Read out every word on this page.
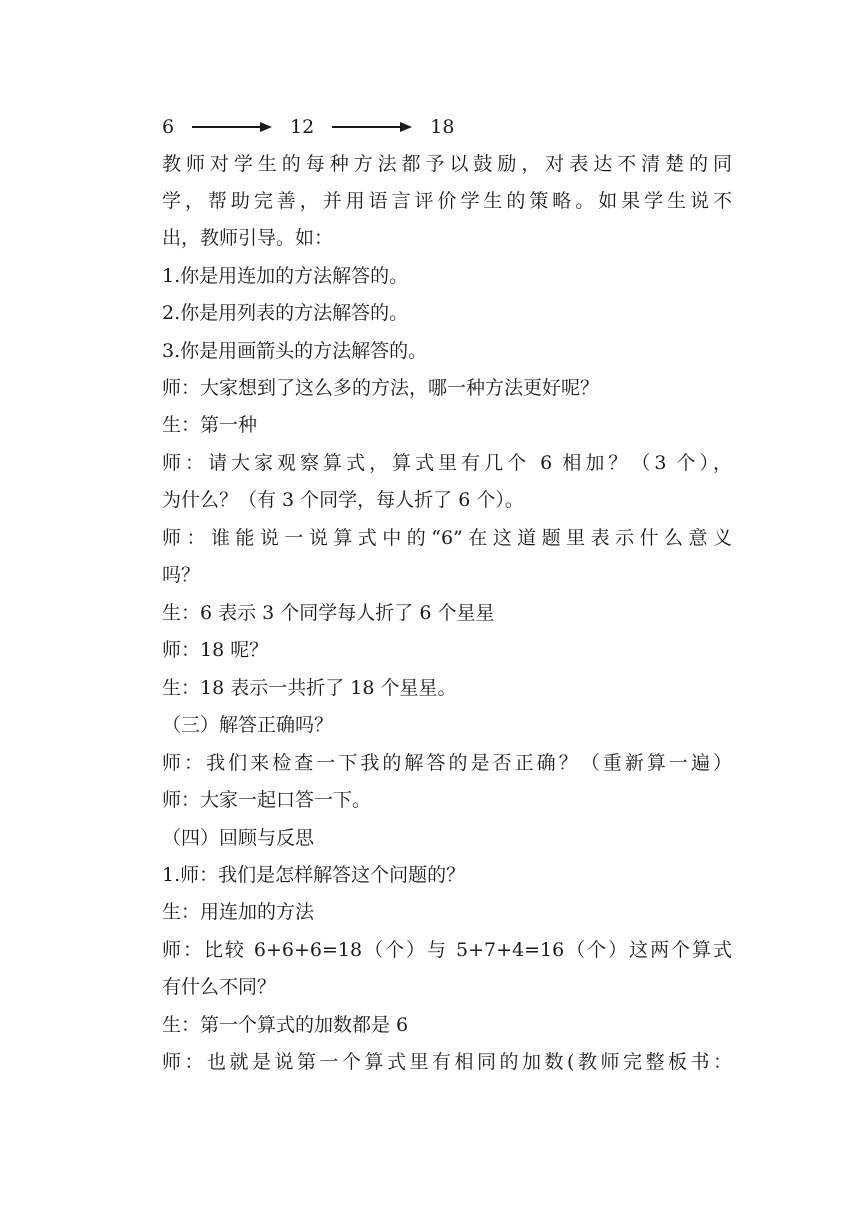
6	12	18
教师对学生的每种方法都予以鼓励，对表达不清楚的同
学，帮助完善，并用语言评价学生的策略。如果学生说不
出，教师引导。如：
1.你是用连加的方法解答的。
2.你是用列表的方法解答的。
3.你是用画箭头的方法解答的。
师：大家想到了这么多的方法，哪一种方法更好呢？
生：第一种
师：请大家观察算式，算式里有几个 6 相加？（3 个），
为什么？（有 3 个同学，每人折了 6 个）。
师：谁能说一说算式中的“6”在这道题里表示什么意义
吗？
生：6 表示 3 个同学每人折了 6 个星星
师：18 呢？
生：18 表示一共折了 18 个星星。
（三）解答正确吗？
师：我们来检查一下我的解答的是否正确？（重新算一遍）
师：大家一起口答一下。
（四）回顾与反思
1.师：我们是怎样解答这个问题的？
生：用连加的方法
师：比较 6+6+6=18（个）与 5+7+4=16（个）这两个算式
有什么不同？
生：第一个算式的加数都是 6
师：也就是说第一个算式里有相同的加数(教师完整板书：
